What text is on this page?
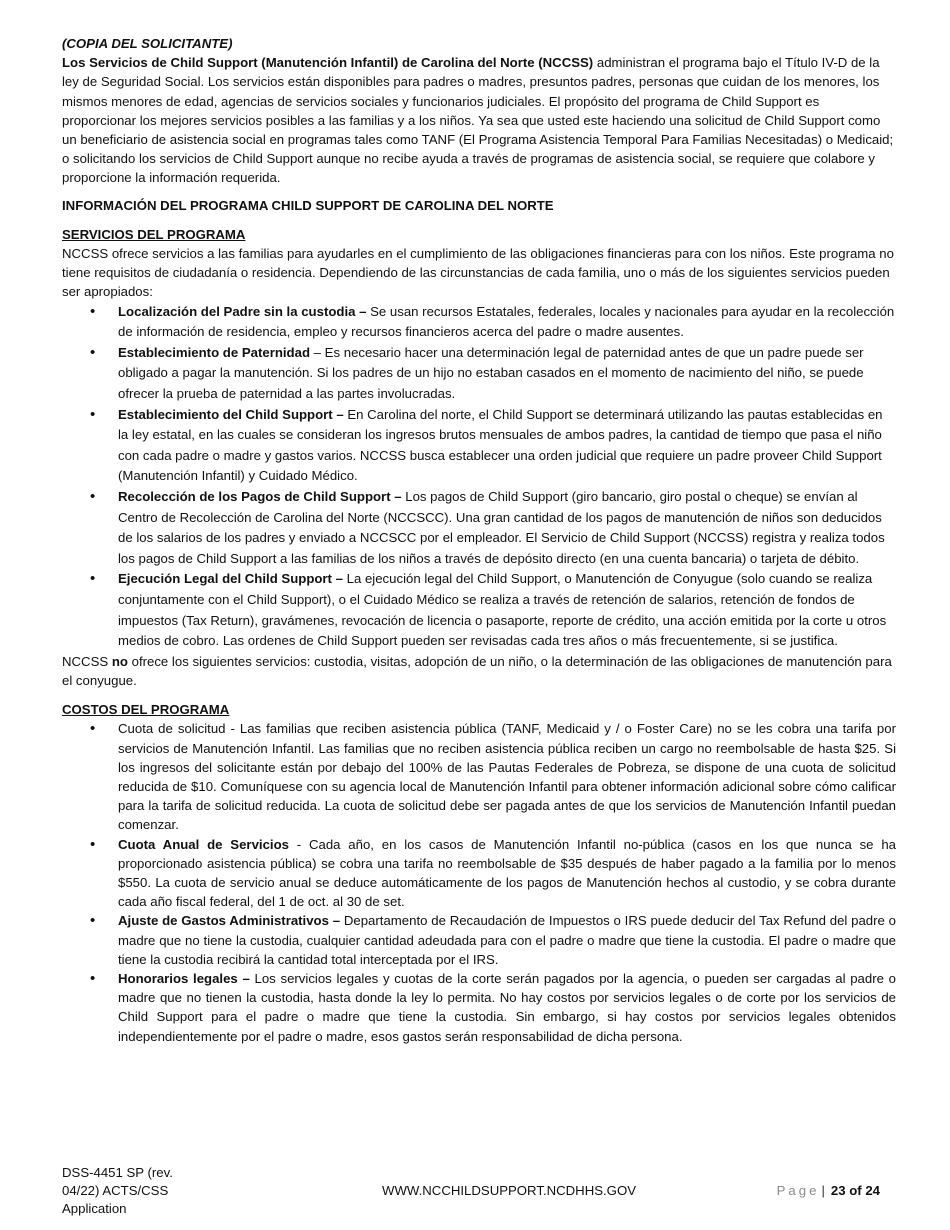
(COPIA DEL SOLICITANTE)

Los Servicios de Child Support (Manutención Infantil) de Carolina del Norte (NCCSS) administran el programa bajo el Título IV-D de la ley de Seguridad Social. Los servicios están disponibles para padres o madres, presuntos padres, personas que cuidan de los menores, los mismos menores de edad, agencias de servicios sociales y funcionarios judiciales. El propósito del programa de Child Support es proporcionar los mejores servicios posibles a las familias y a los niños. Ya sea que usted este haciendo una solicitud de Child Support como un beneficiario de asistencia social en programas tales como TANF (El Programa Asistencia Temporal Para Familias Necesitadas) o Medicaid; o solicitando los servicios de Child Support aunque no recibe ayuda a través de programas de asistencia social, se requiere que colabore y proporcione la información requerida.

INFORMACIÓN DEL PROGRAMA CHILD SUPPORT DE CAROLINA DEL NORTE

SERVICIOS DEL PROGRAMA

NCCSS ofrece servicios a las familias para ayudarles en el cumplimiento de las obligaciones financieras para con los niños. Este programa no tiene requisitos de ciudadanía o residencia. Dependiendo de las circunstancias de cada familia, uno o más de los siguientes servicios pueden ser apropiados:

• Localización del Padre sin la custodia – Se usan recursos Estatales, federales, locales y nacionales para ayudar en la recolección de información de residencia, empleo y recursos financieros acerca del padre o madre ausentes.
• Establecimiento de Paternidad – Es necesario hacer una determinación legal de paternidad antes de que un padre puede ser obligado a pagar la manutención. Si los padres de un hijo no estaban casados en el momento de nacimiento del niño, se puede ofrecer la prueba de paternidad a las partes involucradas.
• Establecimiento del Child Support – En Carolina del norte, el Child Support se determinará utilizando las pautas establecidas en la ley estatal, en las cuales se consideran los ingresos brutos mensuales de ambos padres, la cantidad de tiempo que pasa el niño con cada padre o madre y gastos varios. NCCSS busca establecer una orden judicial que requiere un padre proveer Child Support (Manutención Infantil) y Cuidado Médico.
• Recolección de los Pagos de Child Support – Los pagos de Child Support (giro bancario, giro postal o cheque) se envían al Centro de Recolección de Carolina del Norte (NCCSCC). Una gran cantidad de los pagos de manutención de niños son deducidos de los salarios de los padres y enviado a NCCSCC por el empleador. El Servicio de Child Support (NCCSS) registra y realiza todos los pagos de Child Support a las familias de los niños a través de depósito directo (en una cuenta bancaria) o tarjeta de débito.
• Ejecución Legal del Child Support – La ejecución legal del Child Support, o Manutención de Conyugue (solo cuando se realiza conjuntamente con el Child Support), o el Cuidado Médico se realiza a través de retención de salarios, retención de fondos de impuestos (Tax Return), gravámenes, revocación de licencia o pasaporte, reporte de crédito, una acción emitida por la corte u otros medios de cobro. Las ordenes de Child Support pueden ser revisadas cada tres años o más frecuentemente, si se justifica.

NCCSS no ofrece los siguientes servicios: custodia, visitas, adopción de un niño, o la determinación de las obligaciones de manutención para el conyugue.

COSTOS DEL PROGRAMA

• Cuota de solicitud - Las familias que reciben asistencia pública (TANF, Medicaid y / o Foster Care) no se les cobra una tarifa por servicios de Manutención Infantil. Las familias que no reciben asistencia pública reciben un cargo no reembolsable de hasta $25. Si los ingresos del solicitante están por debajo del 100% de las Pautas Federales de Pobreza, se dispone de una cuota de solicitud reducida de $10. Comuníquese con su agencia local de Manutención Infantil para obtener información adicional sobre cómo calificar para la tarifa de solicitud reducida. La cuota de solicitud debe ser pagada antes de que los servicios de Manutención Infantil puedan comenzar.
• Cuota Anual de Servicios - Cada año, en los casos de Manutención Infantil no-pública (casos en los que nunca se ha proporcionado asistencia pública) se cobra una tarifa no reembolsable de $35 después de haber pagado a la familia por lo menos $550. La cuota de servicio anual se deduce automáticamente de los pagos de Manutención hechos al custodio, y se cobra durante cada año fiscal federal, del 1 de oct. al 30 de set.
• Ajuste de Gastos Administrativos – Departamento de Recaudación de Impuestos o IRS puede deducir del Tax Refund del padre o madre que no tiene la custodia, cualquier cantidad adeudada para con el padre o madre que tiene la custodia. El padre o madre que tiene la custodia recibirá la cantidad total interceptada por el IRS.
• Honorarios legales – Los servicios legales y cuotas de la corte serán pagados por la agencia, o pueden ser cargadas al padre o madre que no tienen la custodia, hasta donde la ley lo permita. No hay costos por servicios legales o de corte por los servicios de Child Support para el padre o madre que tiene la custodia. Sin embargo, si hay costos por servicios legales obtenidos independientemente por el padre o madre, esos gastos serán responsabilidad de dicha persona.
DSS-4451 SP (rev.
04/22) ACTS/CSS
Application
WWW.NCCHILDSUPPORT.NCDHHS.GOV	Page | 23 of 24
